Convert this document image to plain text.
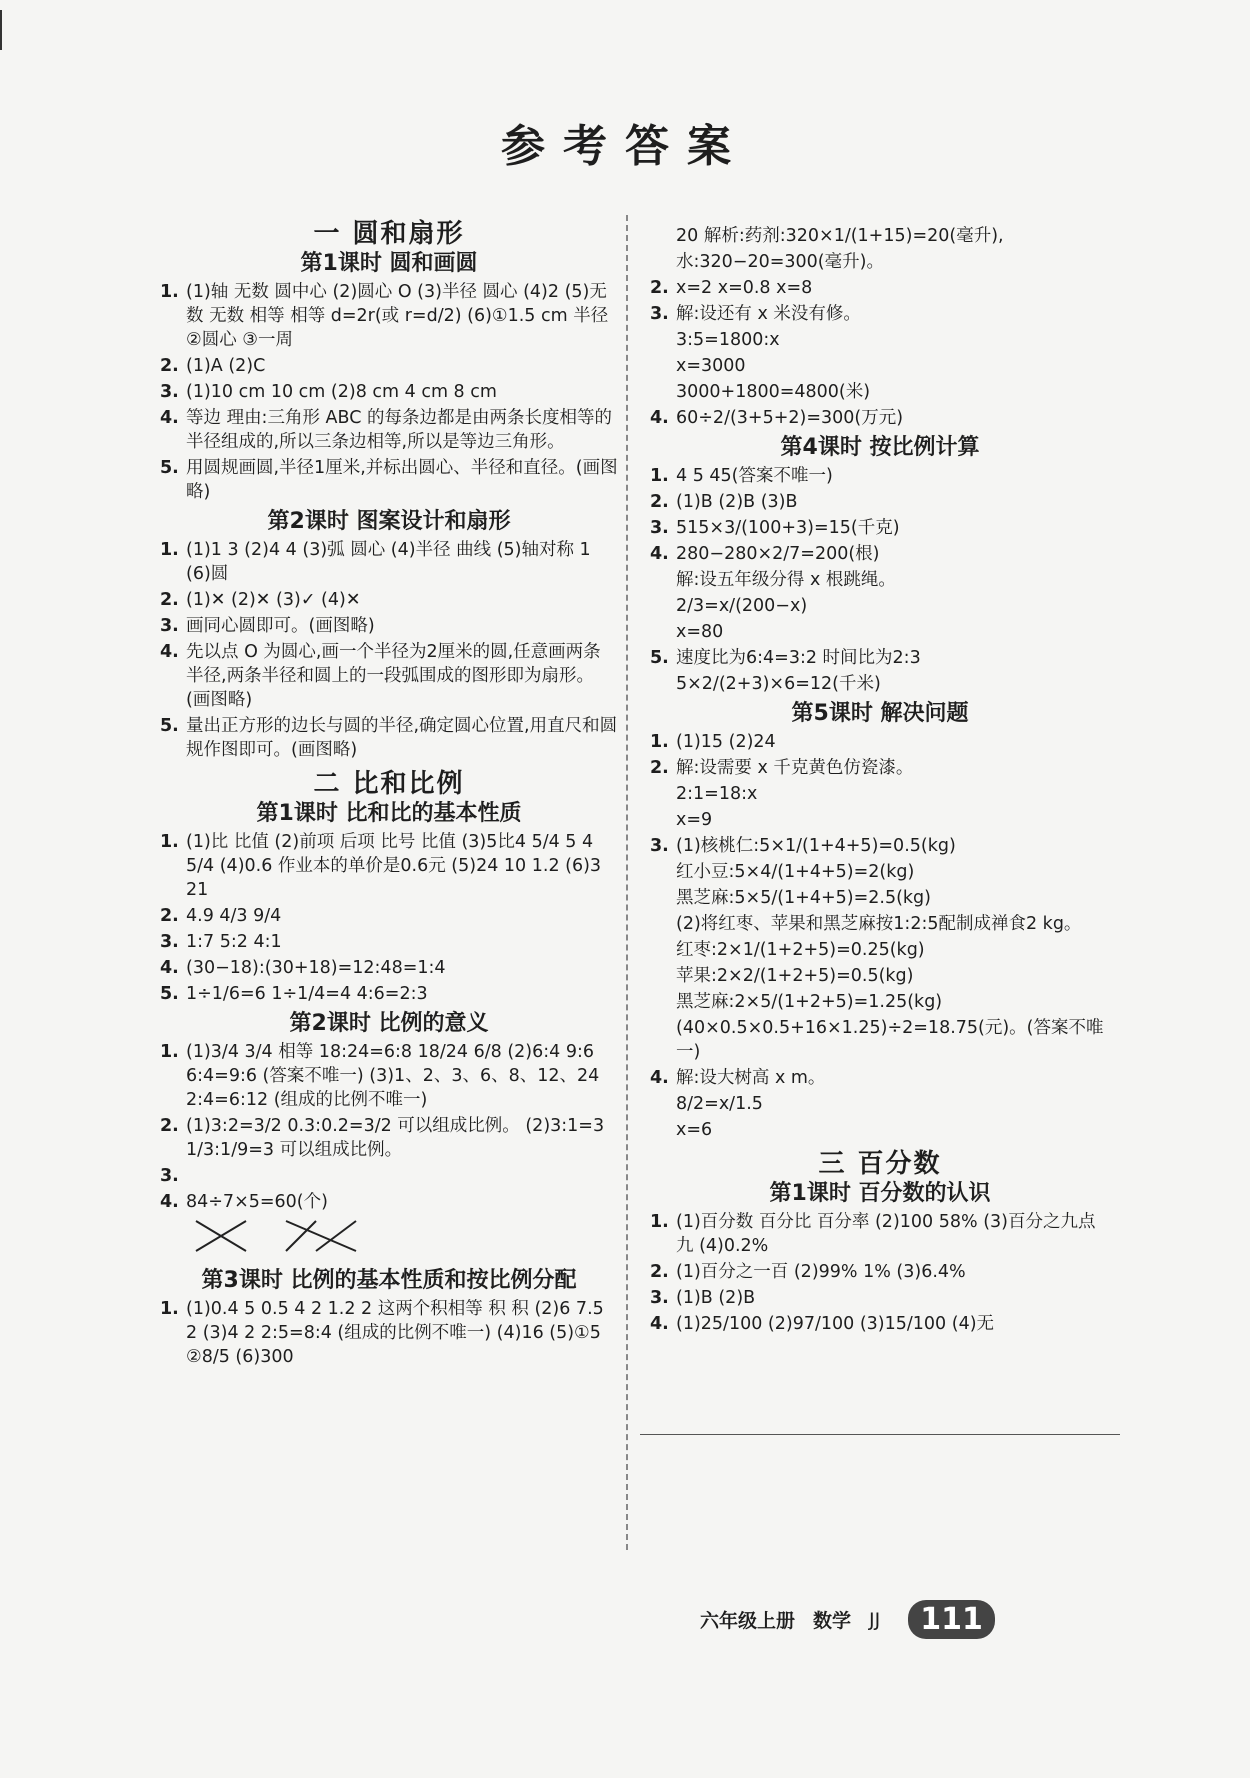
参考答案
一 圆和扇形
第1课时 圆和画圆
1. (1)轴 无数 圆中心 (2)圆心 O (3)半径 圆心 (4)2 (5)无数 无数 相等 相等 d=2r(或 r=d/2) (6)①1.5 cm 半径 ②圆心 ③一周
2. (1)A (2)C
3. (1)10 cm 10 cm (2)8 cm 4 cm 8 cm
4. 等边 理由:三角形 ABC 的每条边都是由两条长度相等的半径组成的,所以三条边相等,所以是等边三角形。
5. 用圆规画圆,半径1厘米,并标出圆心、半径和直径。(画图略)
第2课时 图案设计和扇形
1. (1)1 3 (2)4 4 (3)弧 圆心 (4)半径 曲线 (5)轴对称 1 (6)圆
2. (1)✕ (2)✕ (3)✓ (4)✕
3. 画同心圆即可。(画图略)
4. 先以点 O 为圆心,画一个半径为2厘米的圆,任意画两条半径,两条半径和圆上的一段弧围成的图形即为扇形。(画图略)
5. 量出正方形的边长与圆的半径,确定圆心位置,用直尺和圆规作图即可。(画图略)
二 比和比例
第1课时 比和比的基本性质
1. (1)比 比值 (2)前项 后项 比号 比值 (3)5比4 5/4 5 4 5/4 (4)0.6 作业本的单价是0.6元 (5)24 10 1.2 (6)3 21
2. 4.9 4/3 9/4
3. 1:7 5:2 4:1
4. (30−18):(30+18)=12:48=1:4
5. 1÷1/6=6 1÷1/4=4 4:6=2:3
第2课时 比例的意义
1. (1)3/4 3/4 相等 18:24=6:8 18/24 6/8 (2)6:4 9:6 6:4=9:6 (答案不唯一) (3)1、2、3、6、8、12、24 2:4=6:12 (组成的比例不唯一)
2. (1)3:2=3/2 0.3:0.2=3/2 可以组成比例。 (2)3:1=3 1/3:1/9=3 可以组成比例。
3.
4. 84÷7×5=60(个)
第3课时 比例的基本性质和按比例分配
1. (1)0.4 5 0.5 4 2 1.2 2 这两个积相等 积 积 (2)6 7.5 2 (3)4 2 2:5=8:4 (组成的比例不唯一) (4)16 (5)①5 ②8/5 (6)300
20 解析:药剂:320×1/(1+15)=20(毫升),
水:320−20=300(毫升)。
2. x=2 x=0.8 x=8
3. 解:设还有 x 米没有修。
3:5=1800:x
x=3000
3000+1800=4800(米)
4. 60÷2/(3+5+2)=300(万元)
第4课时 按比例计算
1. 4 5 45(答案不唯一)
2. (1)B (2)B (3)B
3. 515×3/(100+3)=15(千克)
4. 280−280×2/7=200(根)
解:设五年级分得 x 根跳绳。
2/3=x/(200−x)
x=80
5. 速度比为6:4=3:2 时间比为2:3
5×2/(2+3)×6=12(千米)
第5课时 解决问题
1. (1)15 (2)24
2. 解:设需要 x 千克黄色仿瓷漆。
2:1=18:x
x=9
3. (1)核桃仁:5×1/(1+4+5)=0.5(kg)
红小豆:5×4/(1+4+5)=2(kg)
黑芝麻:5×5/(1+4+5)=2.5(kg)
(2)将红枣、苹果和黑芝麻按1:2:5配制成禅食2 kg。
红枣:2×1/(1+2+5)=0.25(kg)
苹果:2×2/(1+2+5)=0.5(kg)
黑芝麻:2×5/(1+2+5)=1.25(kg)
(40×0.5×0.5+16×1.25)÷2=18.75(元)。(答案不唯一)
4. 解:设大树高 x m。
8/2=x/1.5
x=6
三 百分数
第1课时 百分数的认识
1. (1)百分数 百分比 百分率 (2)100 58% (3)百分之九点九 (4)0.2%
2. (1)百分之一百 (2)99% 1% (3)6.4%
3. (1)B (2)B
4. (1)25/100 (2)97/100 (3)15/100 (4)无
六年级上册 数学 JJ	111
